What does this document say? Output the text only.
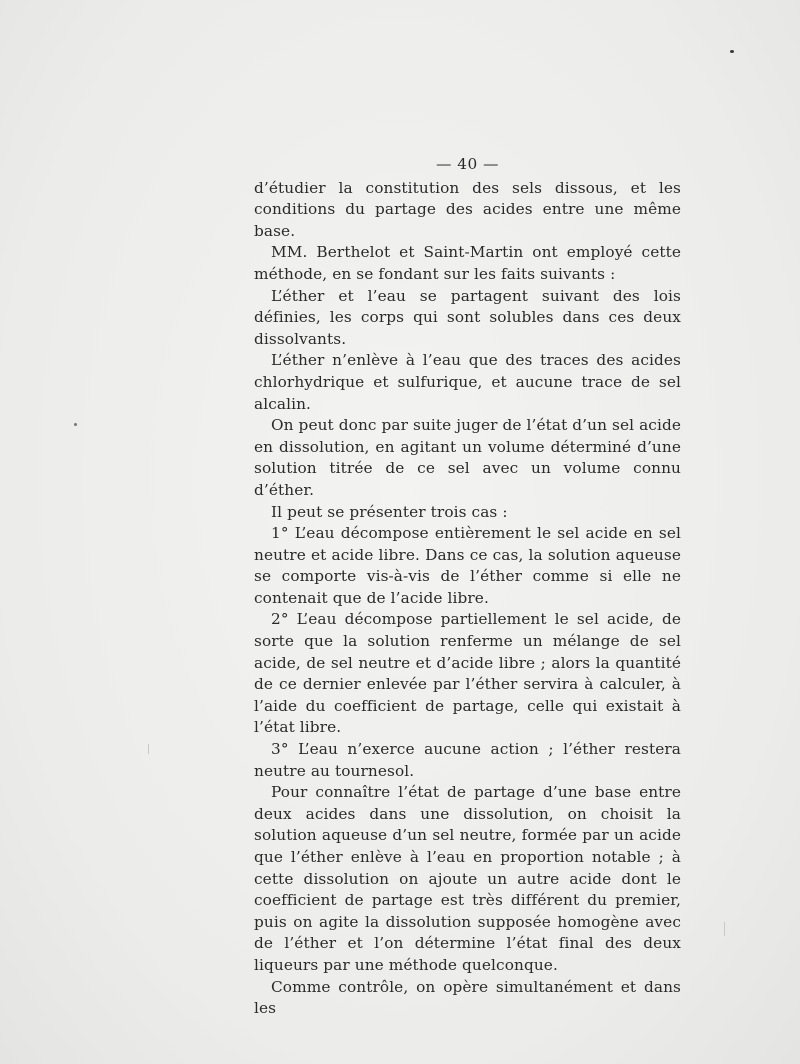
— 40 —

d’étudier la constitution des sels dissous, et les conditions du partage des acides entre une même base.

MM. Berthelot et Saint-Martin ont employé cette méthode, en se fondant sur les faits suivants :

L’éther et l’eau se partagent suivant des lois définies, les corps qui sont solubles dans ces deux dissolvants.

L’éther n’enlève à l’eau que des traces des acides chlorhydrique et sulfurique, et aucune trace de sel alcalin.

On peut donc par suite juger de l’état d’un sel acide en dissolution, en agitant un volume déterminé d’une solution titrée de ce sel avec un volume connu d’éther.

Il peut se présenter trois cas :

1° L’eau décompose entièrement le sel acide en sel neutre et acide libre. Dans ce cas, la solution aqueuse se comporte vis-à-vis de l’éther comme si elle ne contenait que de l’acide libre.

2° L’eau décompose partiellement le sel acide, de sorte que la solution renferme un mélange de sel acide, de sel neutre et d’acide libre ; alors la quantité de ce dernier enlevée par l’éther servira à calculer, à l’aide du coefficient de partage, celle qui existait à l’état libre.

3° L’eau n’exerce aucune action ; l’éther restera neutre au tournesol.

Pour connaître l’état de partage d’une base entre deux acides dans une dissolution, on choisit la solution aqueuse d’un sel neutre, formée par un acide que l’éther enlève à l’eau en proportion notable ; à cette dissolution on ajoute un autre acide dont le coefficient de partage est très différent du premier, puis on agite la dissolution supposée homogène avec de l’éther et l’on détermine l’état final des deux liqueurs par une méthode quelconque.

Comme contrôle, on opère simultanément et dans les
